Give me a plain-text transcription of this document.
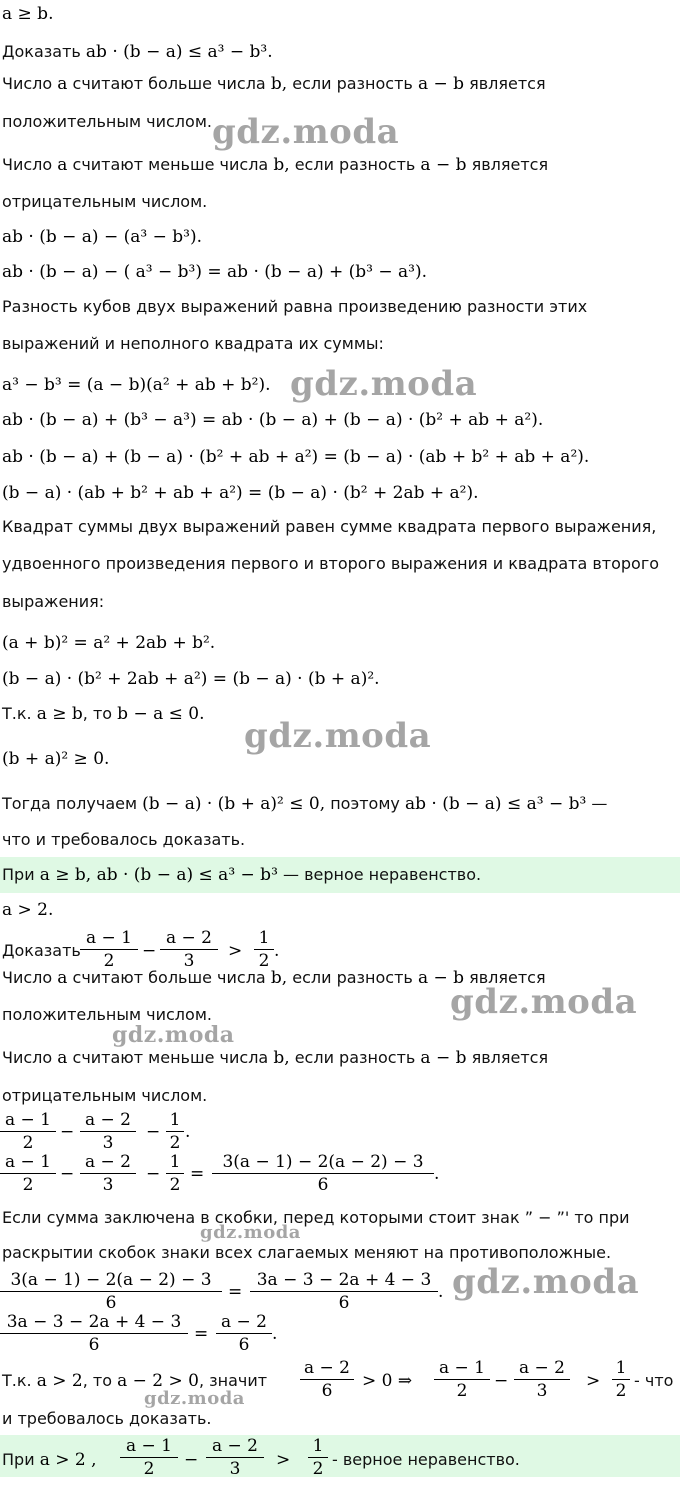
a ≥ b.
Доказать ab · (b − a) ≤ a³ − b³.
Число a считают больше числа b, если разность a − b является
положительным числом.
Число a считают меньше числа b, если разность a − b является
отрицательным числом.
ab · (b − a) − (a³ − b³).
ab · (b − a) − ( a³ − b³) = ab · (b − a) + (b³ − a³).
Разность кубов двух выражений равна произведению разности этих
выражений и неполного квадрата их суммы:
a³ − b³ = (a − b)(a² + ab + b²).
ab · (b − a) + (b³ − a³) = ab · (b − a) + (b − a) · (b² + ab + a²).
ab · (b − a) + (b − a) · (b² + ab + a²) = (b − a) · (ab + b² + ab + a²).
(b − a) · (ab + b² + ab + a²) = (b − a) · (b² + 2ab + a²).
Квадрат суммы двух выражений равен сумме квадрата первого выражения,
удвоенного произведения первого и второго выражения и квадрата второго
выражения:
(a + b)² = a² + 2ab + b².
(b − a) · (b² + 2ab + a²) = (b − a) · (b + a)².
Т.к. a ≥ b, то b − a ≤ 0.
(b + a)² ≥ 0.
Тогда получаем (b − a) · (b + a)² ≤ 0, поэтому ab · (b − a) ≤ a³ − b³ —
что и требовалось доказать.
При a ≥ b, ab · (b − a) ≤ a³ − b³ — верное неравенство.
a > 2.
Доказать
a − 1
2	−
a − 2
3	>
1
2 .
Число a считают больше числа b, если разность a − b является
положительным числом.
Число a считают меньше числа b, если разность a − b является
отрицательным числом.
a − 1
2
−
a − 2
3
−
1
2
.
a − 1
2
−
a − 2
3
−
1
2
=
3(a − 1) − 2(a − 2) − 3
6
.
Если сумма заключена в скобки, перед которыми стоит знак ” − ”' то при
раскрытии скобок знаки всех слагаемых меняют на противоположные.
3(a − 1) − 2(a − 2) − 3
6
=
3a − 3 − 2a + 4 − 3
6
.
3a − 3 − 2a + 4 − 3
6
=
a − 2
6
.
Т.к. a > 2, то a − 2 > 0, значит
a − 2
6	> 0 ⇒
a − 1
2	−
a − 2
3	>
1
2
- что
и требовалось доказать.
При a > 2 ,
a − 1
2	−
a − 2
3	>
1
2 - верное неравенство.
gdz.moda
gdz.moda
gdz.moda
gdz.moda
gdz.moda
gdz.moda
gdz.moda
gdz.moda
